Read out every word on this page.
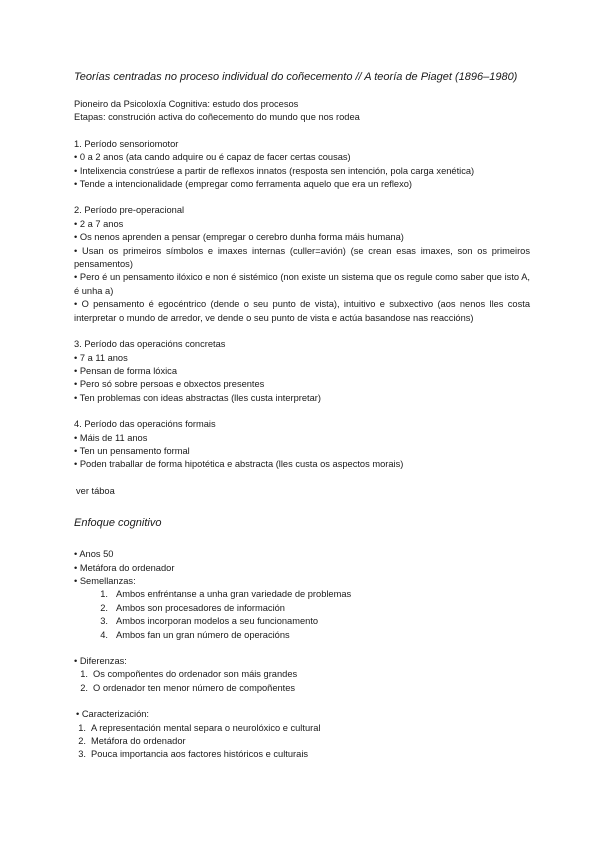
Teorías centradas no proceso individual do coñecemento // A teoría de Piaget (1896–1980)

Pioneiro da Psicoloxía Cognitiva: estudo dos procesos

Etapas: construción activa do coñecemento do mundo que nos rodea

1. Período sensoriomotor

• 0 a 2 anos (ata cando adquire ou é capaz de facer certas cousas)

• Intelixencia constrúese a partir de reflexos innatos (resposta sen intención, pola carga xenética)

• Tende a intencionalidade (empregar como ferramenta aquelo que era un reflexo)

2. Período pre-operacional

• 2 a 7 anos

• Os nenos aprenden a pensar (empregar o cerebro dunha forma máis humana)

• Usan os primeiros símbolos e imaxes internas (culler=avión) (se crean esas imaxes, son os primeiros pensamentos)

• Pero é un pensamento ilóxico e non é sistémico (non existe un sistema que os regule como saber que isto A, é unha a)

• O pensamento é egocéntrico (dende o seu punto de vista), intuitivo e subxectivo (aos nenos lles costa interpretar o mundo de arredor, ve dende o seu punto de vista e actúa basandose nas reaccións)

3. Período das operacións concretas

• 7 a 11 anos

• Pensan de forma lóxica

• Pero só sobre persoas e obxectos presentes

• Ten problemas con ideas abstractas (lles custa interpretar)

4. Período das operacións formais

• Máis de 11 anos

• Ten un pensamento formal

• Poden traballar de forma hipotética e abstracta (lles custa os aspectos morais)

ver táboa
Enfoque cognitivo

• Anos 50

• Metáfora do ordenador

• Semellanzas:

1. Ambos enfréntanse a unha gran variedade de problemas
2. Ambos son procesadores de información
3. Ambos incorporan modelos a seu funcionamento
4. Ambos fan un gran número de operacións

• Diferenzas:

1. Os compoñentes do ordenador son máis grandes
2. O ordenador ten menor número de compoñentes

• Caracterización:

1. A representación mental separa o neurolóxico e cultural
2. Metáfora do ordenador
3. Pouca importancia aos factores históricos e culturais
